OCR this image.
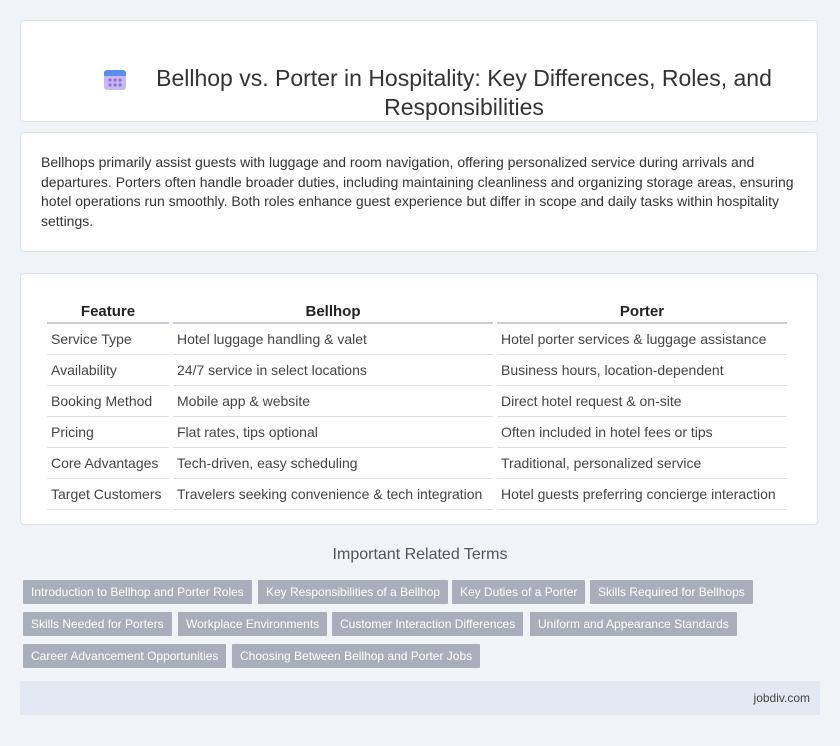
Bellhop vs. Porter in Hospitality: Key Differences, Roles, and Responsibilities

Bellhops primarily assist guests with luggage and room navigation, offering personalized service during arrivals and departures. Porters often handle broader duties, including maintaining cleanliness and organizing storage areas, ensuring hotel operations run smoothly. Both roles enhance guest experience but differ in scope and daily tasks within hospitality settings.

Feature	Bellhop	Porter
Service Type	Hotel luggage handling & valet	Hotel porter services & luggage assistance
Availability	24/7 service in select locations	Business hours, location-dependent
Booking Method	Mobile app & website	Direct hotel request & on-site
Pricing	Flat rates, tips optional	Often included in hotel fees or tips
Core Advantages	Tech-driven, easy scheduling	Traditional, personalized service
Target Customers	Travelers seeking convenience & tech integration	Hotel guests preferring concierge interaction
Important Related Terms
Introduction to Bellhop and Porter Roles	Key Responsibilities of a Bellhop	Key Duties of a Porter	Skills Required for Bellhops
Skills Needed for Porters	Workplace Environments	Customer Interaction Differences	Uniform and Appearance Standards
Career Advancement Opportunities	Choosing Between Bellhop and Porter Jobs
jobdiv.com
